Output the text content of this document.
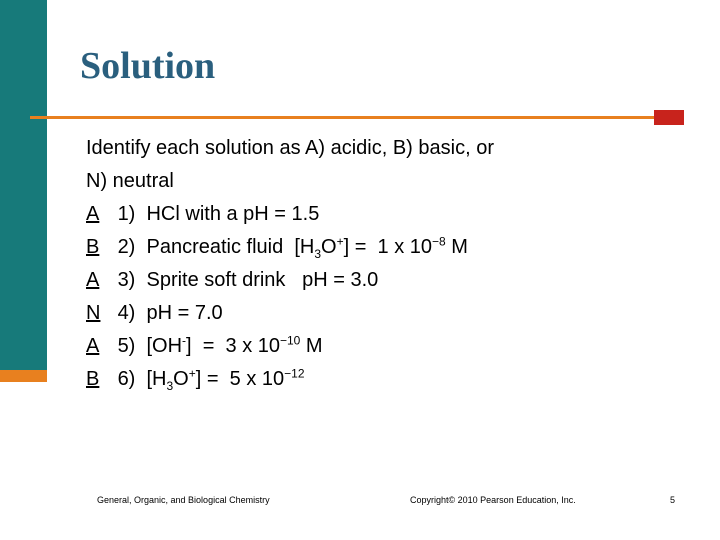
Solution
Identify each solution as A) acidic, B) basic, or
N) neutral
A 1) HCl with a pH = 1.5
B 2) Pancreatic fluid  $[H_3O^+] = 1$ x $10^{-8}$ M
A 3) Sprite soft drink   pH = 3.0
N 4) pH = 7.0
A 5) [OH-]  =  3 x $10^{-10}$ M
B 6) $[H_3O^+] = 5$ x $10^{-12}$
General, Organic, and Biological Chemistry	Copyright© 2010 Pearson Education, Inc.	5
